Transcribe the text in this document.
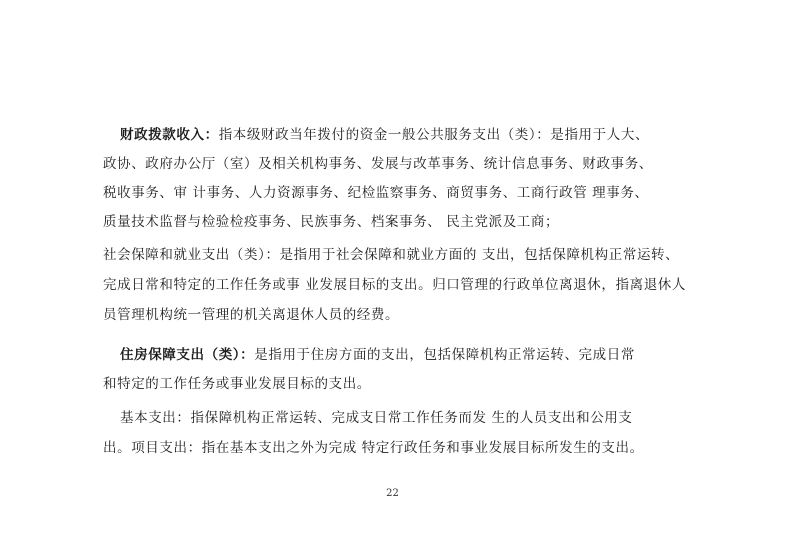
财政拨款收入：指本级财政当年拨付的资金一般公共服务支出（类）：是指用于人大、
政协、政府办公厅（室）及相关机构事务、发展与改革事务、统计信息事务、财政事务、
税收事务、审 计事务、人力资源事务、纪检监察事务、商贸事务、工商行政管 理事务、
质量技术监督与检验检疫事务、民族事务、档案事务、 民主党派及工商；
社会保障和就业支出（类）：是指用于社会保障和就业方面的 支出，包括保障机构正常运转、
完成日常和特定的工作任务或事 业发展目标的支出。归口管理的行政单位离退休，指离退休人
员管理机构统一管理的机关离退休人员的经费。
住房保障支出（类）：是指用于住房方面的支出，包括保障机构正常运转、完成日常
和特定的工作任务或事业发展目标的支出。
基本支出：指保障机构正常运转、完成支日常工作任务而发 生的人员支出和公用支
出。项目支出：指在基本支出之外为完成 特定行政任务和事业发展目标所发生的支出。
22
